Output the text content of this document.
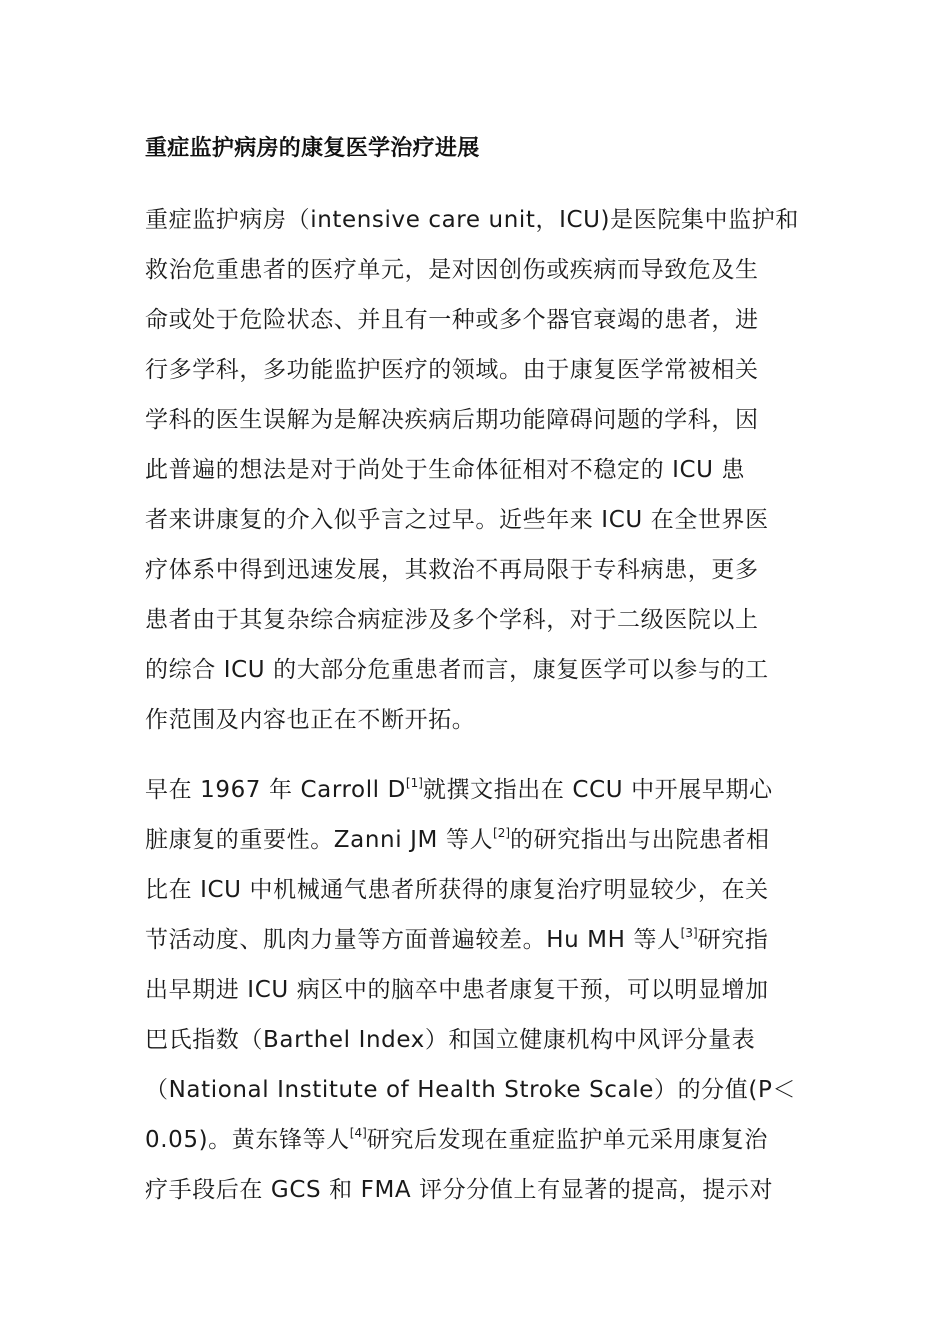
重症监护病房的康复医学治疗进展
重症监护病房（intensive care unit，ICU)是医院集中监护和
救治危重患者的医疗单元，是对因创伤或疾病而导致危及生
命或处于危险状态、并且有一种或多个器官衰竭的患者，进
行多学科，多功能监护医疗的领域。由于康复医学常被相关
学科的医生误解为是解决疾病后期功能障碍问题的学科，因
此普遍的想法是对于尚处于生命体征相对不稳定的 ICU 患
者来讲康复的介入似乎言之过早。近些年来 ICU 在全世界医
疗体系中得到迅速发展，其救治不再局限于专科病患，更多
患者由于其复杂综合病症涉及多个学科，对于二级医院以上
的综合 ICU 的大部分危重患者而言，康复医学可以参与的工
作范围及内容也正在不断开拓。
早在 1967 年 Carroll D[1]就撰文指出在 CCU 中开展早期心
脏康复的重要性。Zanni JM 等人[2]的研究指出与出院患者相
比在 ICU 中机械通气患者所获得的康复治疗明显较少，在关
节活动度、肌肉力量等方面普遍较差。Hu MH 等人[3]研究指
出早期进 ICU 病区中的脑卒中患者康复干预，可以明显增加
巴氏指数（Barthel Index）和国立健康机构中风评分量表
（National Institute of Health Stroke Scale）的分值(P＜
0.05)。黄东锋等人[4]研究后发现在重症监护单元采用康复治
疗手段后在 GCS 和 FMA 评分分值上有显著的提高，提示对
